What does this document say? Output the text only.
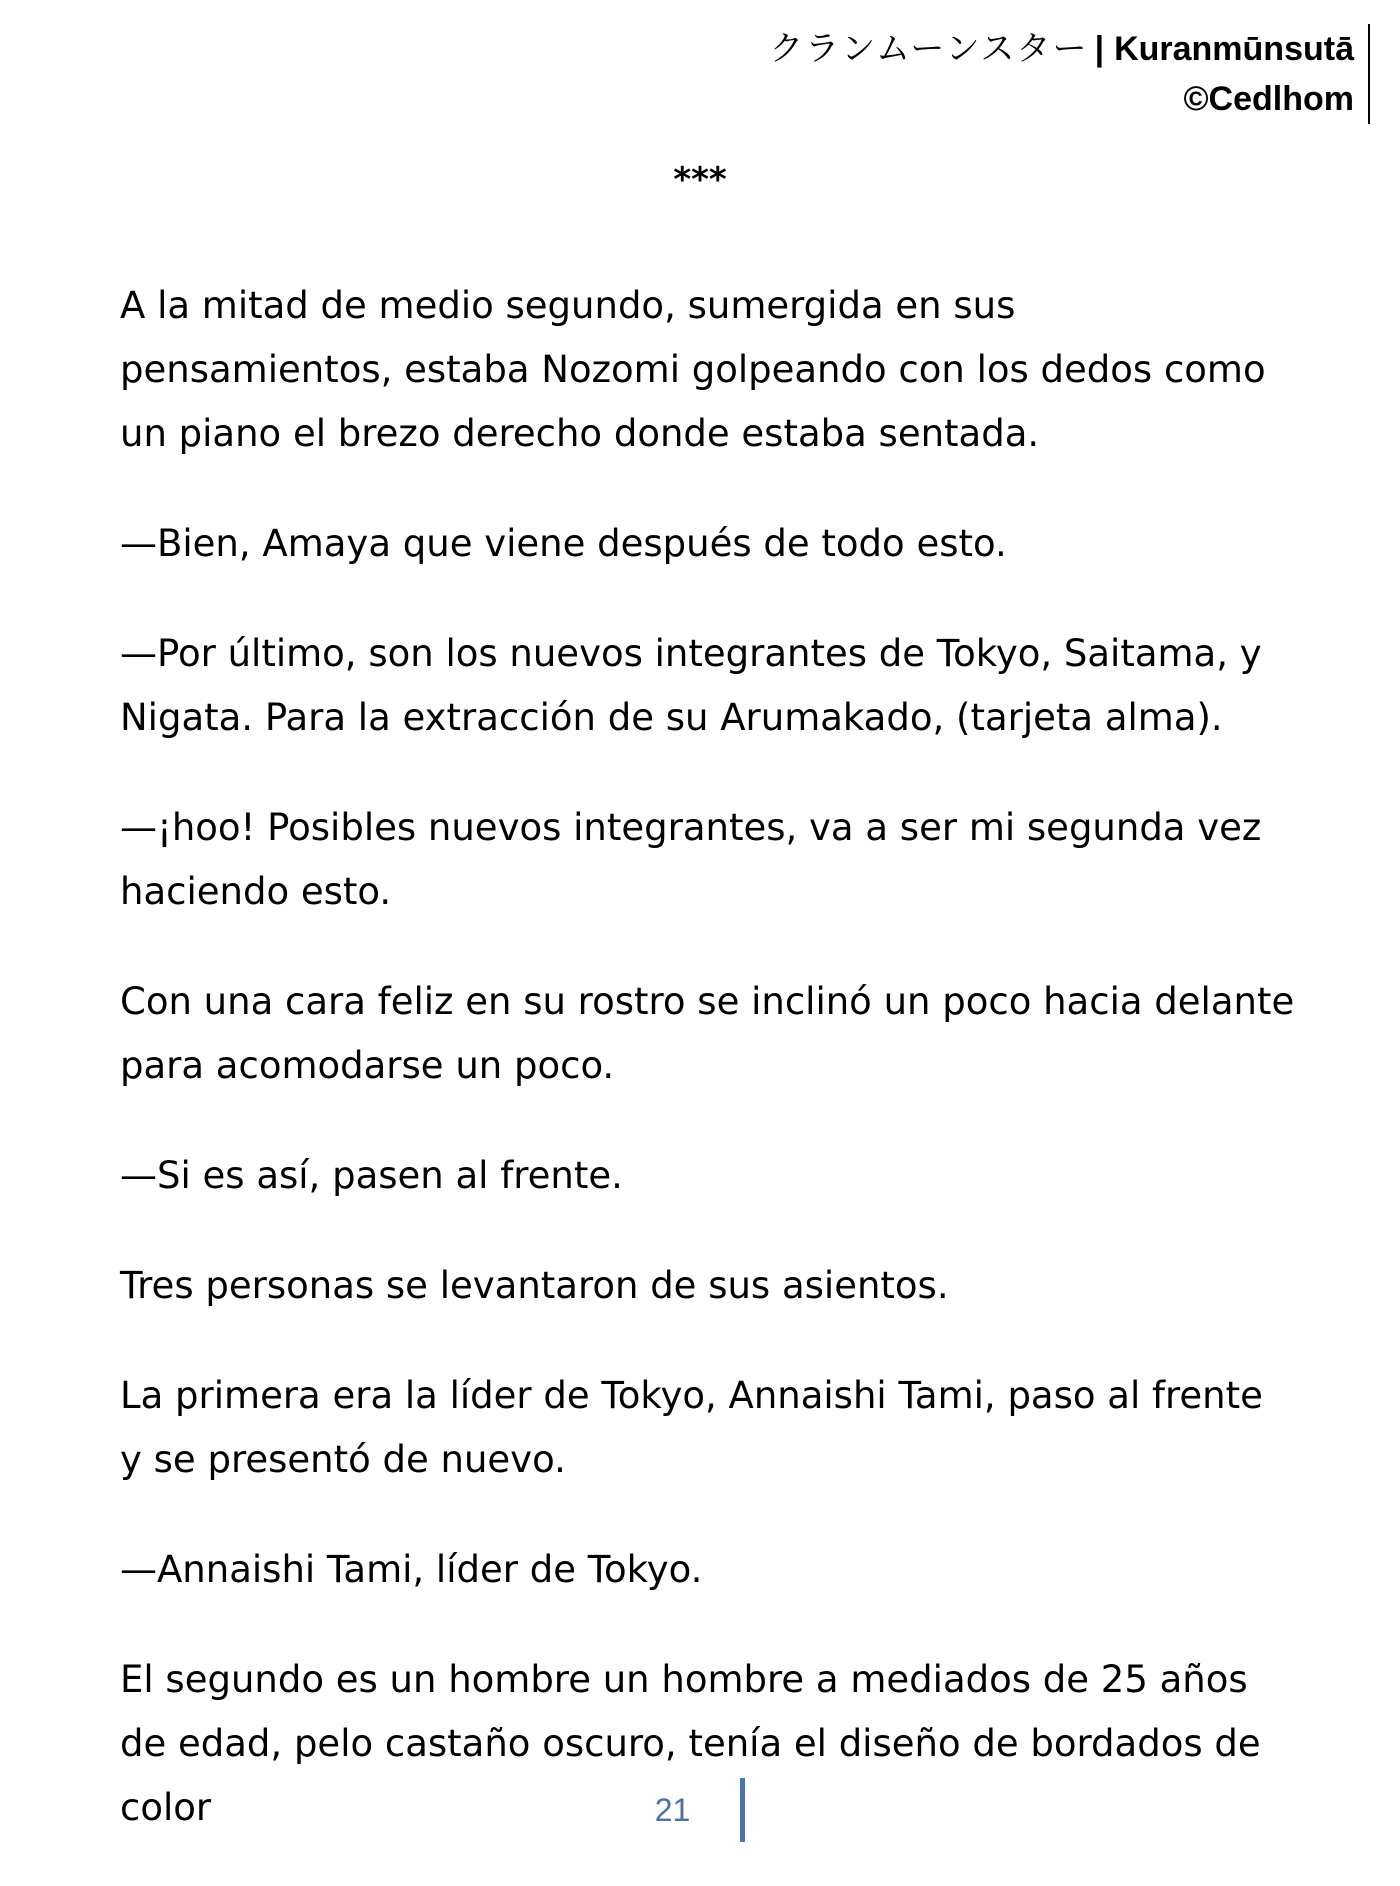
クランムーンスター | Kuranmūnsutā
©Cedlhom
***

A la mitad de medio segundo, sumergida en sus pensamientos, estaba Nozomi golpeando con los dedos como un piano el brezo derecho donde estaba sentada.

—Bien, Amaya que viene después de todo esto.

—Por último, son los nuevos integrantes de Tokyo, Saitama, y Nigata. Para la extracción de su Arumakado, (tarjeta alma).

—¡hoo! Posibles nuevos integrantes, va a ser mi segunda vez haciendo esto.

Con una cara feliz en su rostro se inclinó un poco hacia delante para acomodarse un poco.

—Si es así, pasen al frente.

Tres personas se levantaron de sus asientos.

La primera era la líder de Tokyo, Annaishi Tami, paso al frente y se presentó de nuevo.

—Annaishi Tami, líder de Tokyo.

El segundo es un hombre un hombre a mediados de 25 años de edad, pelo castaño oscuro, tenía el diseño de bordados de color	21
